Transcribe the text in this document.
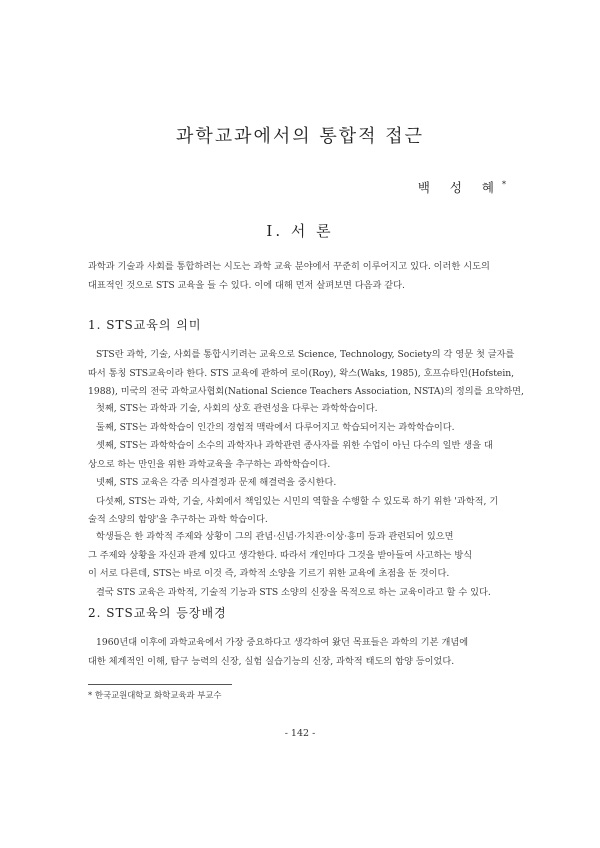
과학교과에서의 통합적 접근
백 성 혜*
Ⅰ. 서 론
과학과 기술과 사회를 통합하려는 시도는 과학 교육 분야에서 꾸준히 이루어지고 있다. 이러한 시도의
대표적인 것으로 STS 교육을 들 수 있다. 이에 대해 먼저 살펴보면 다음과 같다.
1. STS교육의 의미
STS란 과학, 기술, 사회를 통합시키려는 교육으로 Science, Technology, Society의 각 영문 첫 글자를
따서 통칭 STS교육이라 한다. STS 교육에 관하여 로이(Roy), 왁스(Waks, 1985), 호프슈타인(Hofstein,
1988), 미국의 전국 과학교사협회(National Science Teachers Association, NSTA)의 정의를 요약하면,
첫째, STS는 과학과 기술, 사회의 상호 관련성을 다루는 과학학습이다.
둘째, STS는 과학학습이 인간의 경험적 맥락에서 다루어지고 학습되어지는 과학학습이다.
셋째, STS는 과학학습이 소수의 과학자나 과학관련 종사자를 위한 수업이 아닌 다수의 일반 생을 대
상으로 하는 만인을 위한 과학교육을 추구하는 과학학습이다.
넷째, STS 교육은 각종 의사결정과 문제 해결력을 중시한다.
다섯째, STS는 과학, 기술, 사회에서 책임있는 시민의 역할을 수행할 수 있도록 하기 위한 '과학적, 기
술적 소양의 함양'을 추구하는 과학 학습이다.
학생들은 한 과학적 주제와 상황이 그의 관념·신념·가치관·이상·흥미 등과 관련되어 있으면
그 주제와 상황을 자신과 관계 있다고 생각한다. 따라서 개인마다 그것을 받아들여 사고하는 방식
이 서로 다른데, STS는 바로 이것 즉, 과학적 소양을 기르기 위한 교육에 초점을 둔 것이다.
결국 STS 교육은 과학적, 기술적 기능과 STS 소양의 신장을 목적으로 하는 교육이라고 할 수 있다.
2. STS교육의 등장배경
1960년대 이후에 과학교육에서 가장 중요하다고 생각하여 왔던 목표들은 과학의 기본 개념에
대한 체계적인 이해, 탐구 능력의 신장, 실험 실습기능의 신장, 과학적 태도의 함양 등이었다.
* 한국교원대학교 화학교육과 부교수
- 142 -
